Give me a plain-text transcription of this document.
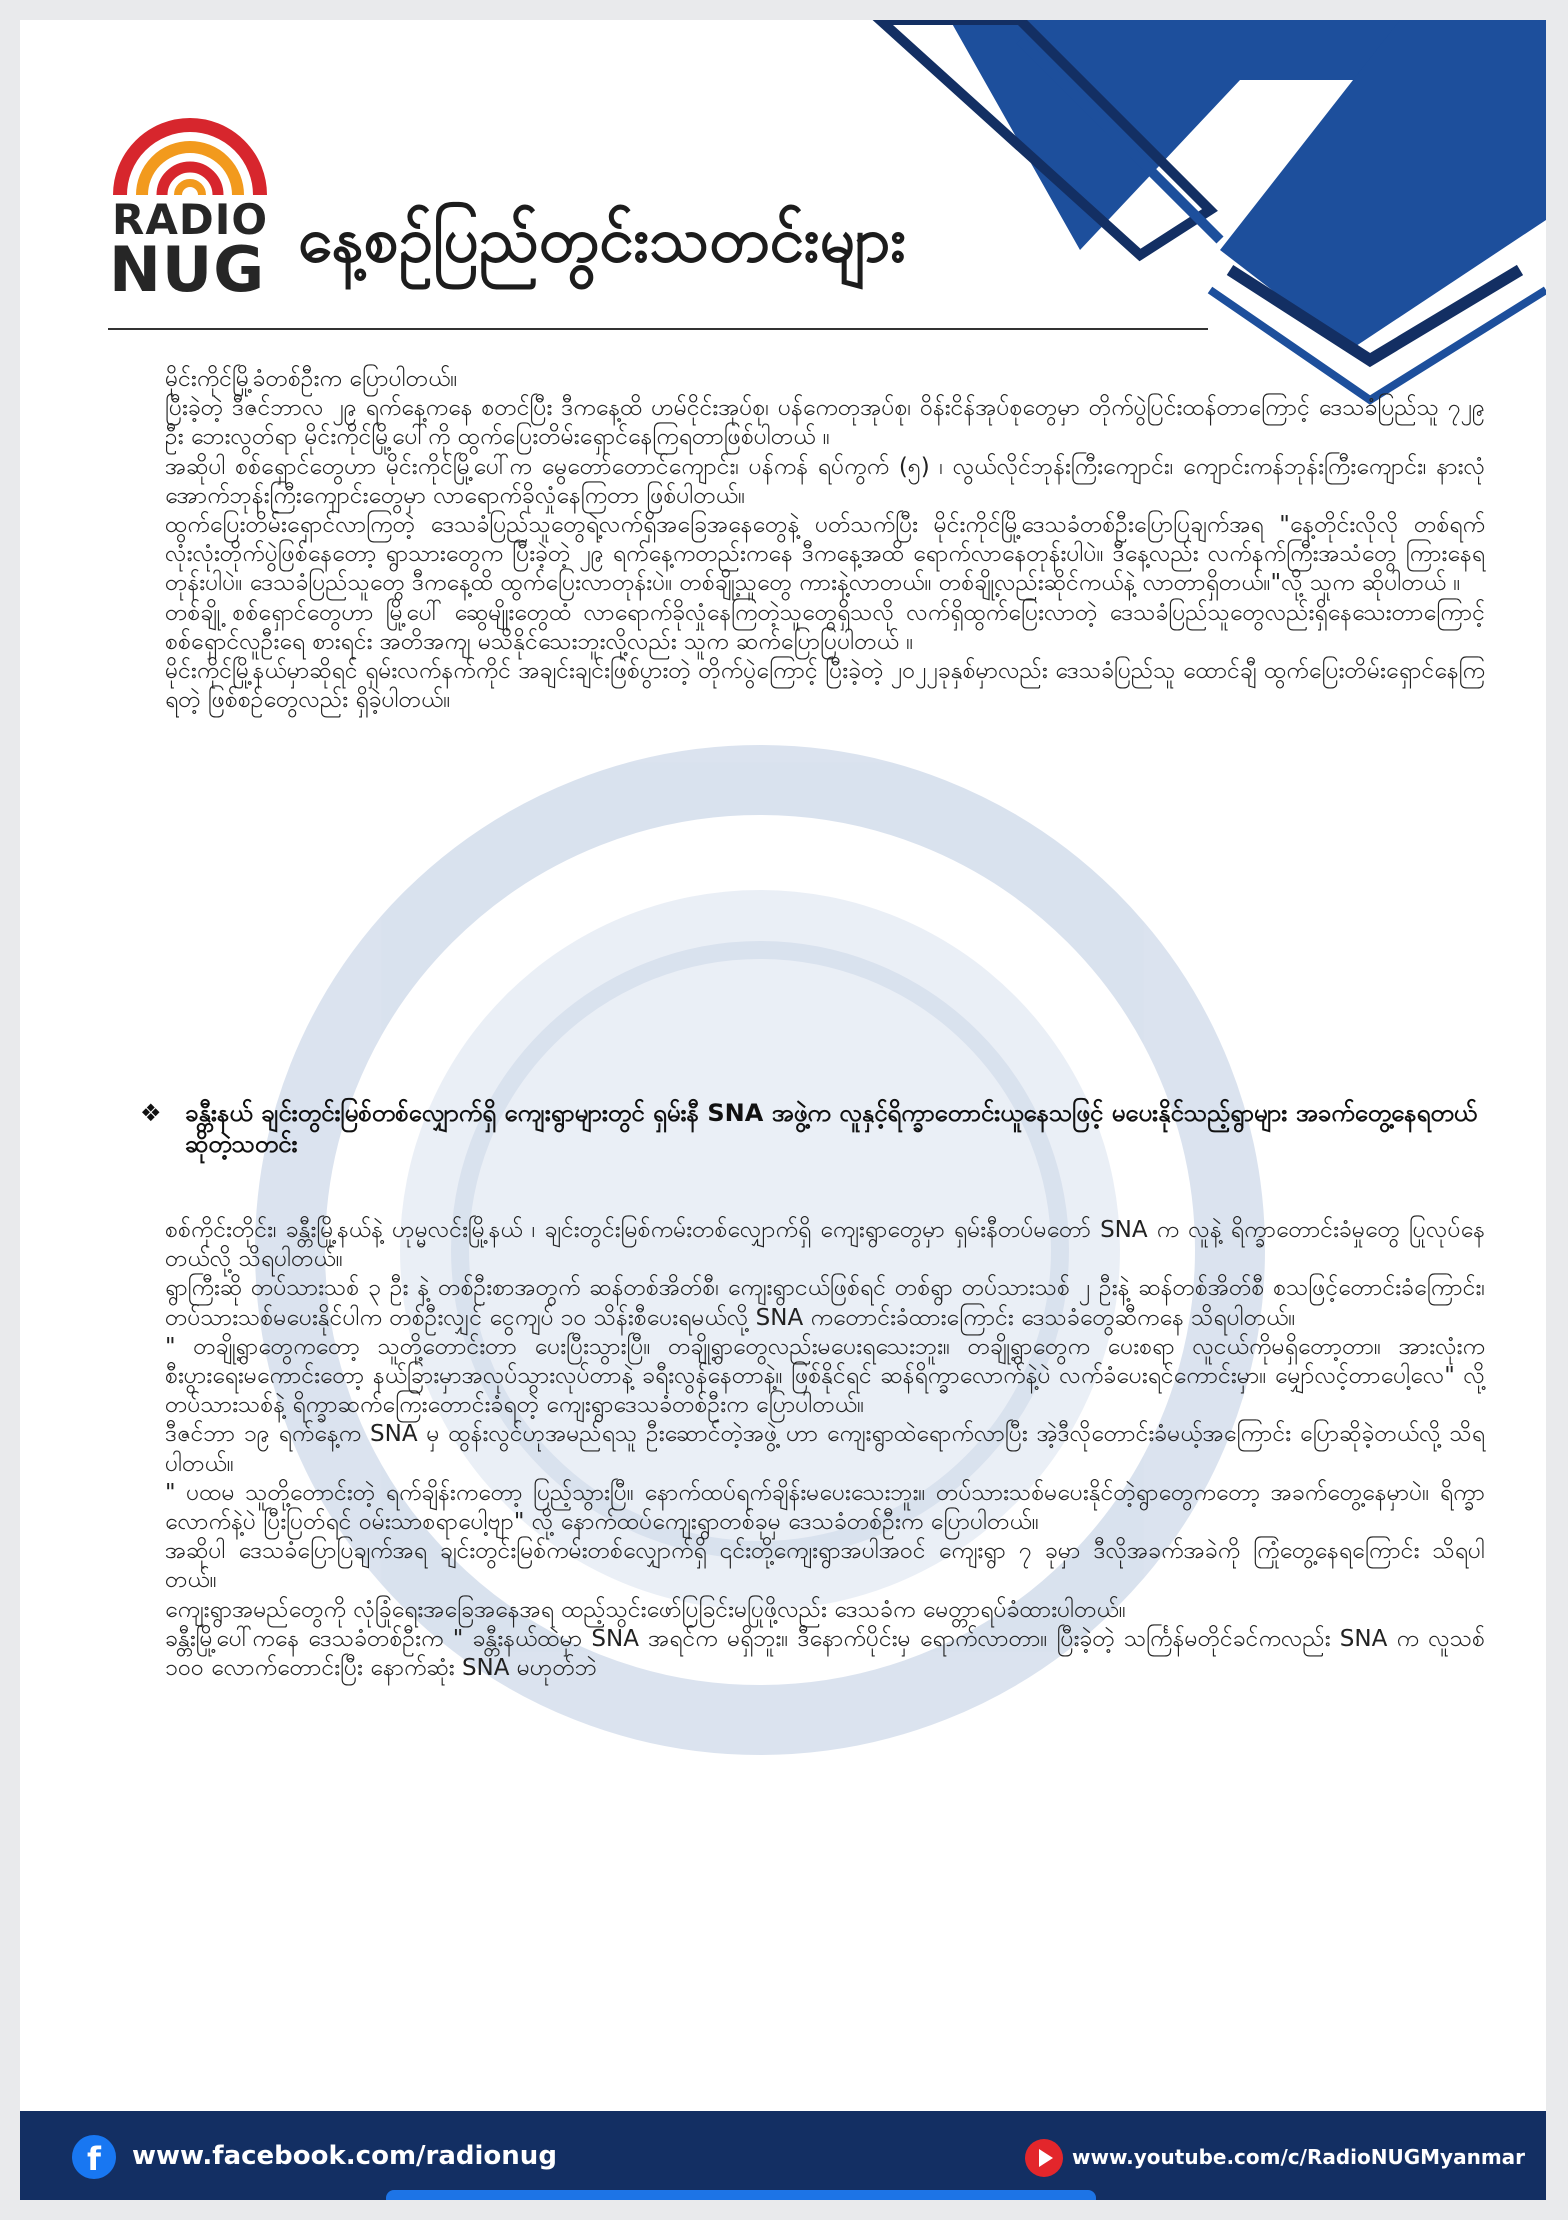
RADIO
NUG နေ့စဉ်ပြည်တွင်းသတင်းများ

မိုင်းကိုင်မြို့ခံတစ်ဦးက ပြောပါတယ်။

ပြီးခဲ့တဲ့ ဒီဇင်ဘာလ ၂၉ ရက်နေ့ကနေ စတင်ပြီး ဒီကနေ့ထိ ဟမ်ငိုင်းအုပ်စု၊ ပန်ကေတုအုပ်စု၊ ဝိန်းငိန်အုပ်စုတွေမှာ တိုက်ပွဲပြင်းထန်တာကြောင့် ဒေသခံပြည်သူ ၇၂၉ ဦး ဘေးလွတ်ရာ မိုင်းကိုင်မြို့ပေါ်ကို ထွက်ပြေးတိမ်းရှောင်နေကြရတာဖြစ်ပါတယ် ။

အဆိုပါ စစ်ရှောင်တွေဟာ မိုင်းကိုင်မြို့ပေါ်က မွေတော်တောင်ကျောင်း၊ ပန်ကန် ရပ်ကွက် (၅) ၊ လွယ်လိုင်ဘုန်းကြီးကျောင်း၊ ကျောင်းကန်ဘုန်းကြီးကျောင်း၊ နားလုံအောက်ဘုန်းကြီးကျောင်းတွေမှာ လာရောက်ခိုလှုံနေကြတာ ဖြစ်ပါတယ်။

ထွက်ပြေးတိမ်းရှောင်လာကြတဲ့ ဒေသခံပြည်သူတွေရဲ့လက်ရှိအခြေအနေတွေနဲ့ ပတ်သက်ပြီး မိုင်းကိုင်မြို့ဒေသခံတစ်ဦးပြောပြချက်အရ "နေ့တိုင်းလိုလို တစ်ရက်လုံးလုံးတိုက်ပွဲဖြစ်နေတော့ ရွာသားတွေက ပြီးခဲ့တဲ့ ၂၉ ရက်နေ့ကတည်းကနေ ဒီကနေ့အထိ ရောက်လာနေတုန်းပါပဲ။ ဒီနေ့လည်း လက်နက်ကြီးအသံတွေ ကြားနေရတုန်းပါပဲ။ ဒေသခံပြည်သူတွေ ဒီကနေ့ထိ ထွက်ပြေးလာတုန်းပဲ။ တစ်ချို့သူတွေ ကားနဲ့လာတယ်။ တစ်ချို့လည်းဆိုင်ကယ်နဲ့ လာတာရှိတယ်။"လို့ သူက ဆိုပါတယ် ။

တစ်ချို့ စစ်ရှောင်တွေဟာ မြို့ပေါ် ဆွေမျိုးတွေထံ လာရောက်ခိုလှုံနေကြတဲ့သူတွေရှိသလို လက်ရှိထွက်ပြေးလာတဲ့ ဒေသခံပြည်သူတွေလည်းရှိနေသေးတာကြောင့် စစ်ရှောင်လူဦးရေ စားရင်း အတိအကျ မသိနိုင်သေးဘူးလို့လည်း သူက ဆက်ပြောပြပါတယ် ။

မိုင်းကိုင်မြို့နယ်မှာဆိုရင် ရှမ်းလက်နက်ကိုင် အချင်းချင်းဖြစ်ပွားတဲ့ တိုက်ပွဲကြောင့် ပြီးခဲ့တဲ့ ၂၀၂၂ခုနှစ်မှာလည်း ဒေသခံပြည်သူ ထောင်ချီ ထွက်ပြေးတိမ်းရှောင်နေကြရတဲ့ ဖြစ်စဉ်တွေလည်း ရှိခဲ့ပါတယ်။

❖ ခန္တီးနယ် ချင်းတွင်းမြစ်တစ်လျှောက်ရှိ ကျေးရွာများတွင် ရှမ်းနီ SNA အဖွဲ့က လူနှင့်ရိက္ခာတောင်းယူနေသဖြင့် မပေးနိုင်သည့်ရွာများ အခက်တွေ့နေရတယ်ဆိုတဲ့သတင်း

စစ်ကိုင်းတိုင်း၊ ခန္တီးမြို့နယ်နဲ့ ဟုမ္မလင်းမြို့နယ် ၊ ချင်းတွင်းမြစ်ကမ်းတစ်လျှောက်ရှိ ကျေးရွာတွေမှာ ရှမ်းနီတပ်မတော် SNA က လူနဲ့ ရိက္ခာတောင်းခံမှုတွေ ပြုလုပ်နေတယ်လို့ သိရပါတယ်။

ရွာကြီးဆို တပ်သားသစ် ၃ ဦး နဲ့ တစ်ဦးစာအတွက် ဆန်တစ်အိတ်စီ၊ ကျေးရွာငယ်ဖြစ်ရင် တစ်ရွာ တပ်သားသစ် ၂ ဦးနဲ့ ဆန်တစ်အိတ်စီ စသဖြင့်တောင်းခံကြောင်း၊ တပ်သားသစ်မပေးနိုင်ပါက တစ်ဦးလျှင် ငွေကျပ် ၁၀ သိန်းစီပေးရမယ်လို့ SNA ကတောင်းခံထားကြောင်း ဒေသခံတွေဆီကနေ သိရပါတယ်။

" တချို့ရွာတွေကတော့ သူတို့တောင်းတာ ပေးပြီးသွားပြီ။ တချို့ရွာတွေလည်းမပေးရသေးဘူး။ တချို့ရွာတွေက ပေးစရာ လူငယ်ကိုမရှိတော့တာ။ အားလုံးက စီးပွားရေးမကောင်းတော့ နယ်ခြားမှာအလုပ်သွားလုပ်တာနဲ့ ခရီးလွန်နေတာနဲ့။ ဖြစ်နိုင်ရင် ဆန်ရိက္ခာလောက်နဲ့ပဲ လက်ခံပေးရင်ကောင်းမှာ။ မျှော်လင့်တာပေါ့လေ" လို့ တပ်သားသစ်နဲ့ ရိက္ခာဆက်ကြေးတောင်းခံရတဲ့ ကျေးရွာဒေသခံတစ်ဦးက ပြောပါတယ်။

ဒီဇင်ဘာ ၁၉ ရက်နေ့က SNA မှ ထွန်းလွင်ဟုအမည်ရသူ ဦးဆောင်တဲ့အဖွဲ့ ဟာ ကျေးရွာထဲရောက်လာပြီး အဲ့ဒီလိုတောင်းခံမယ့်အကြောင်း ပြောဆိုခဲ့တယ်လို့ သိရပါတယ်။

" ပထမ သူတို့တောင်းတဲ့ ရက်ချိန်းကတော့ ပြည့်သွားပြီ။ နောက်ထပ်ရက်ချိန်းမပေးသေးဘူး။ တပ်သားသစ်မပေးနိုင်တဲ့ရွာတွေကတော့ အခက်တွေ့နေမှာပဲ။ ရိက္ခာလောက်နဲ့ပဲ ပြီးပြတ်ရင် ဝမ်းသာစရာပေါ့ဗျာ" လို့ နောက်ထပ်ကျေးရွာတစ်ခုမှ ဒေသခံတစ်ဦးက ပြောပါတယ်။

အဆိုပါ ဒေသခံပြောပြချက်အရ ချင်းတွင်းမြစ်ကမ်းတစ်လျှောက်ရှိ ၎င်းတို့ကျေးရွာအပါအဝင် ကျေးရွာ ၇ ခုမှာ ဒီလိုအခက်အခဲကို ကြုံတွေ့နေရကြောင်း သိရပါတယ်။

ကျေးရွာအမည်တွေကို လုံခြုံရေးအခြေအနေအရ ထည့်သွင်းဖော်ပြခြင်းမပြုဖို့လည်း ဒေသခံက မေတ္တာရပ်ခံထားပါတယ်။

ခန္တီးမြို့ပေါ်ကနေ ဒေသခံတစ်ဦးက " ခန္တီးနယ်ထဲမှာ SNA အရင်က မရှိဘူး။ ဒီနောက်ပိုင်းမှ ရောက်လာတာ။ ပြီးခဲ့တဲ့ သင်္ကြန်မတိုင်ခင်ကလည်း SNA က လူသစ် ၁၀၀ လောက်တောင်းပြီး နောက်ဆုံး SNA မဟုတ်ဘဲ

f	www.facebook.com/radionug	www.youtube.com/c/RadioNUGMyanmar
